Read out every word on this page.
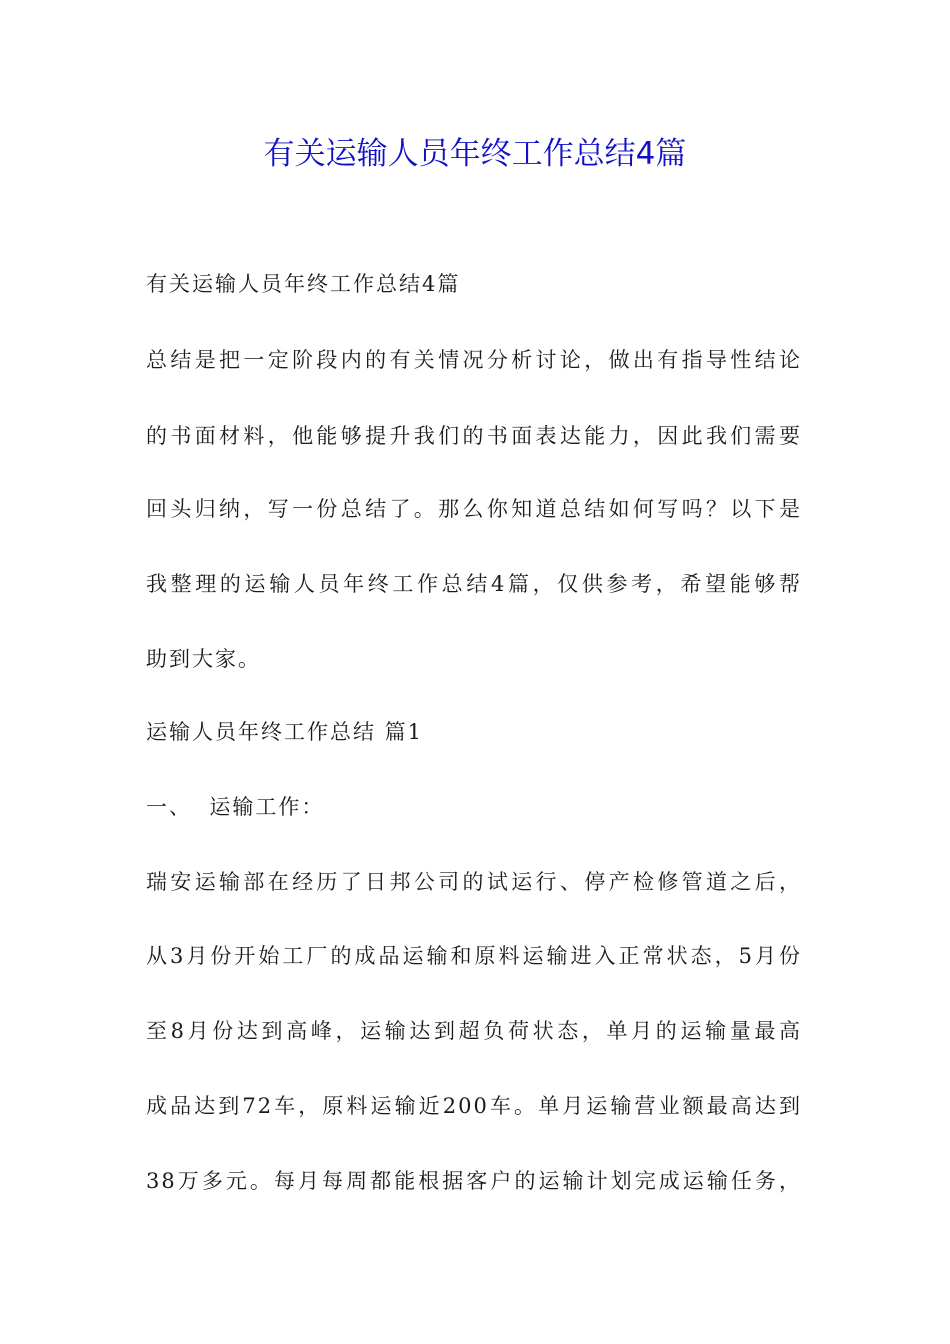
有关运输人员年终工作总结4篇
有关运输人员年终工作总结4篇
总结是把一定阶段内的有关情况分析讨论，做出有指导性结论
的书面材料，他能够提升我们的书面表达能力，因此我们需要
回头归纳，写一份总结了。那么你知道总结如何写吗？以下是
我整理的运输人员年终工作总结4篇，仅供参考，希望能够帮
助到大家。
运输人员年终工作总结 篇1
一、  运输工作：
瑞安运输部在经历了日邦公司的试运行、停产检修管道之后，
从3月份开始工厂的成品运输和原料运输进入正常状态，5月份
至8月份达到高峰，运输达到超负荷状态，单月的运输量最高
成品达到72车，原料运输近200车。单月运输营业额最高达到
38万多元。每月每周都能根据客户的运输计划完成运输任务，
